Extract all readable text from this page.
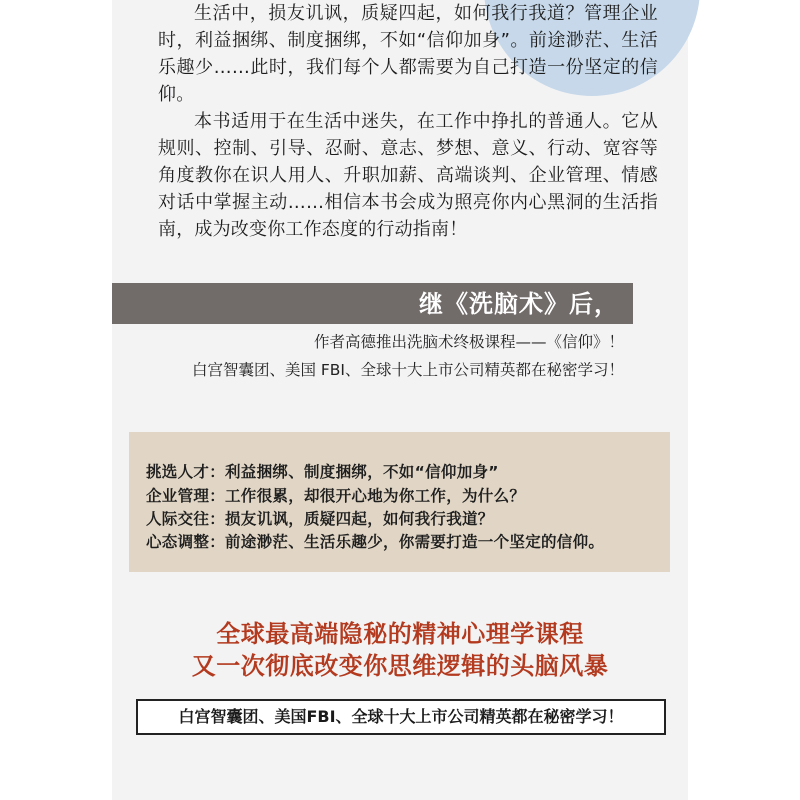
生活中，损友讥讽，质疑四起，如何我行我道？管理企业时，利益捆绑、制度捆绑，不如“信仰加身”。前途渺茫、生活乐趣少……此时，我们每个人都需要为自己打造一份坚定的信仰。

本书适用于在生活中迷失，在工作中挣扎的普通人。它从规则、控制、引导、忍耐、意志、梦想、意义、行动、宽容等角度教你在识人用人、升职加薪、高端谈判、企业管理、情感对话中掌握主动……相信本书会成为照亮你内心黑洞的生活指南，成为改变你工作态度的行动指南！

继《洗脑术》后，
作者高德推出洗脑术终极课程——《信仰》！
白宫智囊团、美国 FBI、全球十大上市公司精英都在秘密学习！
挑选人才：利益捆绑、制度捆绑，不如“信仰加身”
企业管理：工作很累，却很开心地为你工作，为什么？
人际交往：损友讥讽，质疑四起，如何我行我道？
心态调整：前途渺茫、生活乐趣少，你需要打造一个坚定的信仰。
全球最高端隐秘的精神心理学课程
又一次彻底改变你思维逻辑的头脑风暴
白宫智囊团、美国FBI、全球十大上市公司精英都在秘密学习！
